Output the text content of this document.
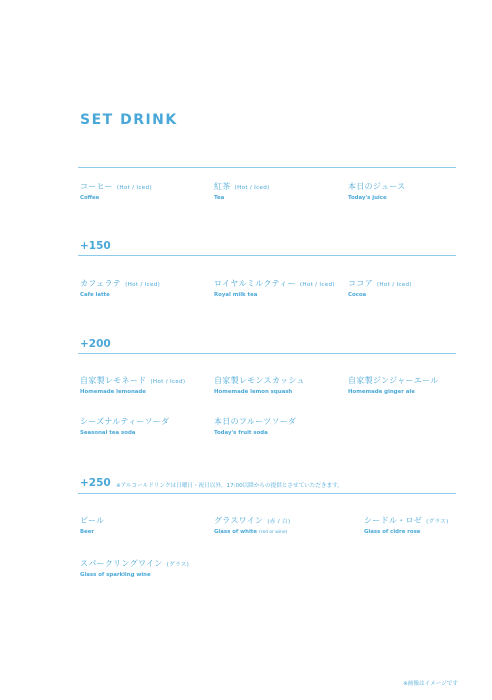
SET DRINK
コーヒー (Hot / Iced)
Coffee
紅茶 (Hot / Iced)
Tea
本日のジュース
Today's juice
+150
カフェラテ (Hot / Iced)
Cafe latte
ロイヤルミルクティー (Hot / Iced)
Royal milk tea
ココア (Hot / Iced)
Cocoa
+200
自家製レモネード (Hot / Iced)
Homemade lemonade
自家製レモンスカッシュ
Homemade lemon squash
自家製ジンジャーエール
Homemade ginger ale
シーズナルティーソーダ
Seasonal tea soda
本日のフルーツソーダ
Today's fruit soda
+250 ※アルコールドリンクは日曜日・祝日以外、17:00以降からの提供とさせていただきます。
ビール
Beer
グラスワイン (赤 / 白)
Glass of white (red or wine)
シードル・ロゼ (グラス)
Glass of cidre rose
スパークリングワイン (グラス)
Glass of sparkling wine
※画像はイメージです
